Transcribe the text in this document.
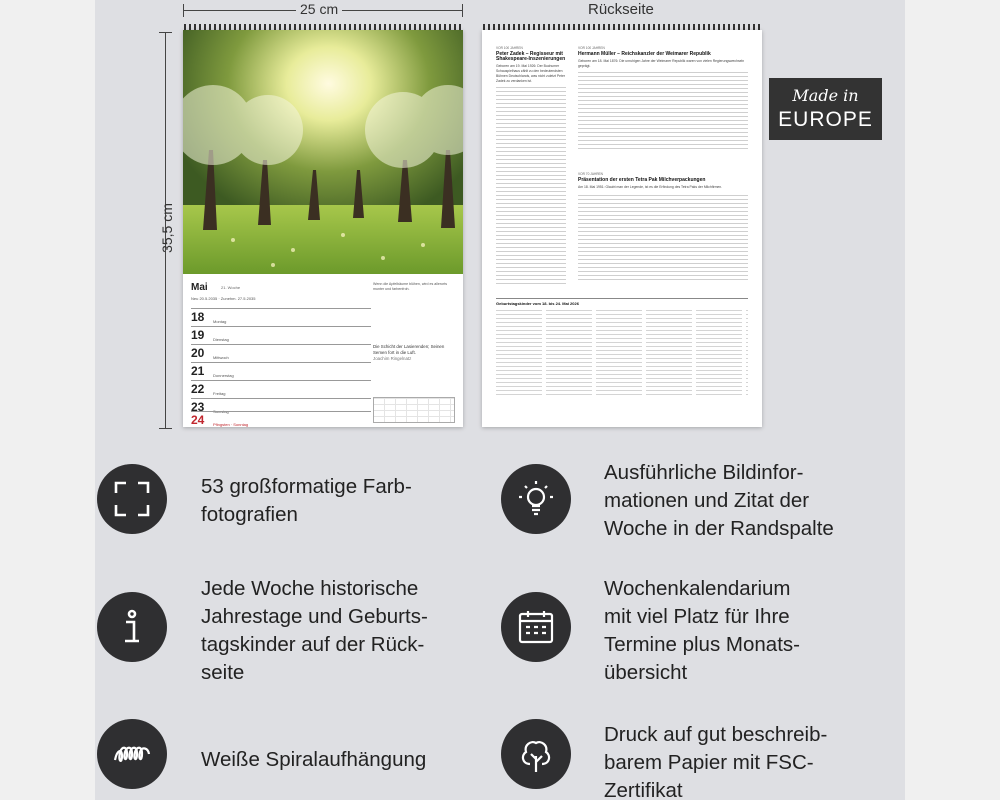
25 cm
35,5 cm
Rückseite
Mai	21. Woche
Neu 20.5.2035 · Zunehm. 27.5.2035
18 Montag
19 Dienstag
20 Mittwoch
21 Donnerstag
22 Freitag
23 Samstag
24 Pfingsten · Sonntag
Wenn die Apfelbäume blühen, wird es allerorts munter und farbenfroh.
Die Schicht der Lasierenden; Seinen Semen fort in die Luft.
Joachim Ringelnatz
VOR 100 JAHREN
Peter Zadek – Regisseur mit Shakespeare-Inszenierungen
Geboren am 19. Mai 1926: Der Buchumer Schauspielhaus zählt zu den bedeutendsten Bühnen Deutschlands, was nicht zuletzt Peter Zadek zu verdanken ist.
VOR 100 JAHREN
Hermann Müller – Reichskanzler der Weimarer Republik
Geboren am 18. Mai 1876: Die unruhigen Jahre der Weimarer Republik waren von vielen Regierungswechseln geprägt.
VOR 70 JAHREN
Präsentation der ersten Tetra Pak Milchverpackungen
Am 18. Mai 1951: Glaubt man der Legende, ist es die Erfindung des Tetra Paks der Milchfirmen.
Geburtstagskinder vom 18. bis 24. Mai 2026
Made in
EUROPE
53 großformatige Farb-
fotografien
Ausführliche Bildinfor-
mationen und Zitat der
Woche in der Randspalte
Jede Woche historische
Jahrestage und Geburts-
tagskinder auf der Rück-
seite
Wochenkalendarium
mit viel Platz für Ihre
Termine plus Monats-
übersicht
Weiße Spiralaufhängung
Druck auf gut beschreib-
barem Papier mit FSC-
Zertifikat
